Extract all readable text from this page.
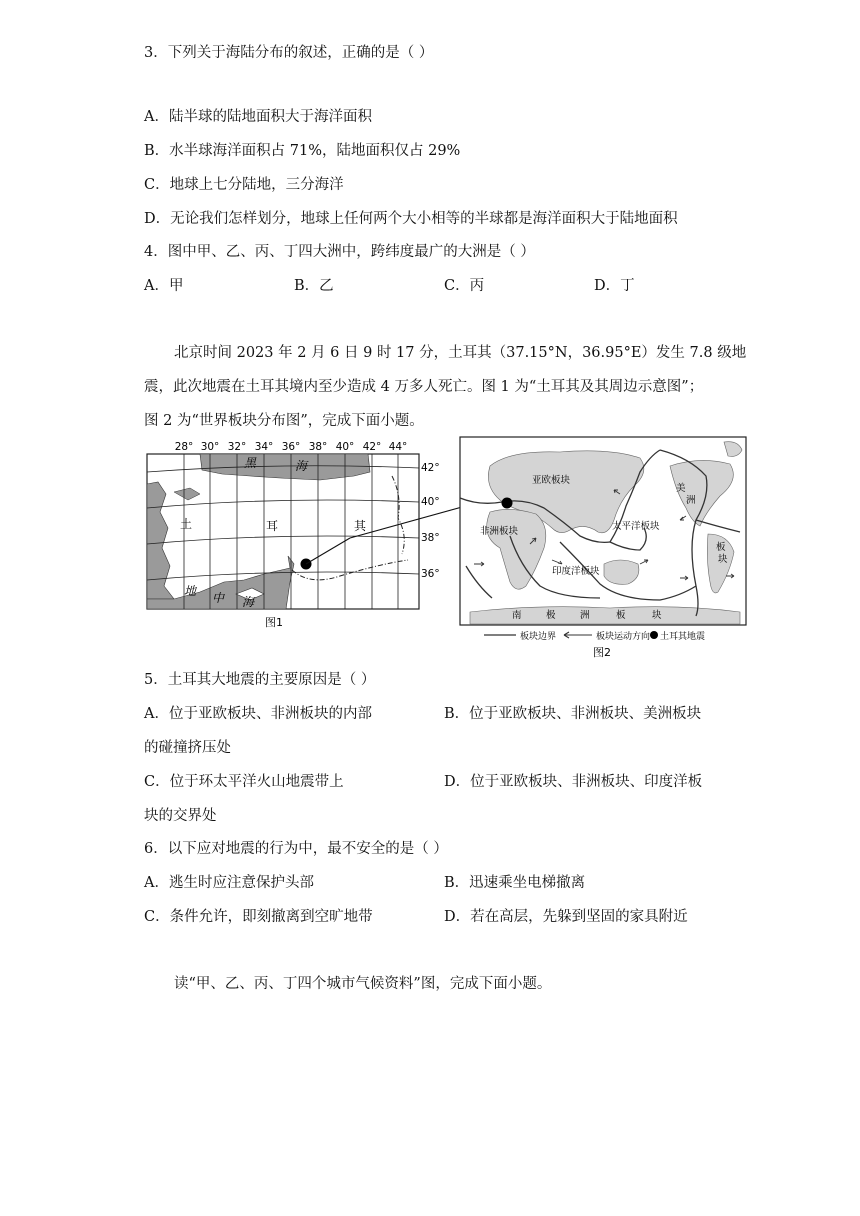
3．下列关于海陆分布的叙述，正确的是（ ）
A．陆半球的陆地面积大于海洋面积
B．水半球海洋面积占 71%，陆地面积仅占 29%
C．地球上七分陆地，三分海洋
D．无论我们怎样划分，地球上任何两个大小相等的半球都是海洋面积大于陆地面积
4．图中甲、乙、丙、丁四大洲中，跨纬度最广的大洲是（ ）
A．甲	B．乙	C．丙	D．丁
北京时间 2023 年 2 月 6 日 9 时 17 分，土耳其（37.15°N，36.95°E）发生 7.8 级地
震，此次地震在土耳其境内至少造成 4 万多人死亡。图 1 为“土耳其及其周边示意图”；
图 2 为“世界板块分布图”，完成下面小题。
28° 30° 32° 34° 36° 38° 40° 42° 44°
42°
40°
38°
36°
黑	海
土	耳	其
地 中 海
图1
亚欧板块
非洲板块	太平洋板块
印度洋板块
美
洲
板
块
南	极	洲	板	块
板块边界	板块运动方向 土耳其地震
图2
5．土耳其大地震的主要原因是（ ）
A．位于亚欧板块、非洲板块的内部	B．位于亚欧板块、非洲板块、美洲板块
的碰撞挤压处
C．位于环太平洋火山地震带上	D．位于亚欧板块、非洲板块、印度洋板
块的交界处
6．以下应对地震的行为中，最不安全的是（ ）
A．逃生时应注意保护头部	B．迅速乘坐电梯撤离
C．条件允许，即刻撤离到空旷地带	D．若在高层，先躲到坚固的家具附近
读“甲、乙、丙、丁四个城市气候资料”图，完成下面小题。
